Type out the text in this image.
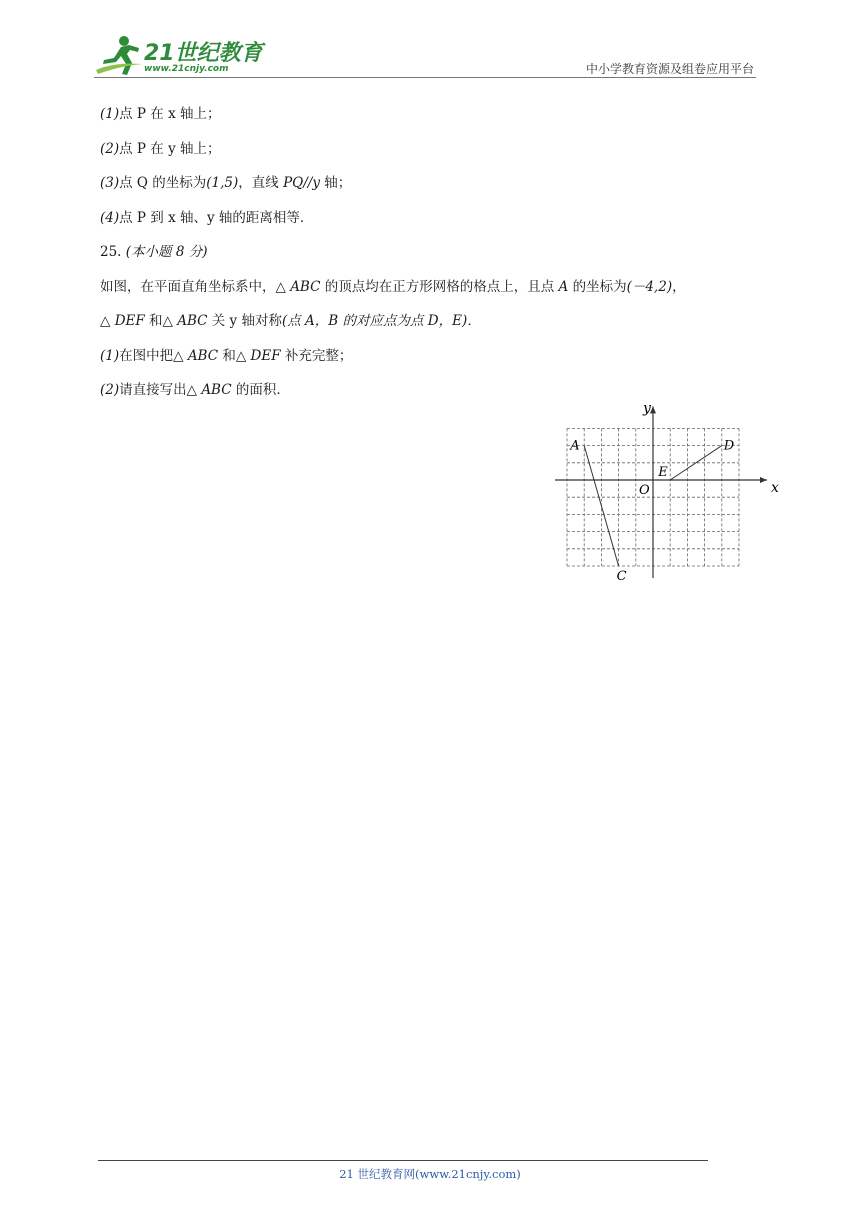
21世纪教育
www.21cnjy.com	中小学教育资源及组卷应用平台
(1)点 P 在 x 轴上；
(2)点 P 在 y 轴上；
(3)点 Q 的坐标为(1,5)，直线 PQ//y 轴；
(4)点 P 到 x 轴、y 轴的距离相等．
25. (本小题 8 分)
如图，在平面直角坐标系中，△ ABC 的顶点均在正方形网格的格点上，且点 A 的坐标为(－4,2)，
△ DEF 和△ ABC 关 y 轴对称(点 A，B 的对应点为点 D，E)．
(1)在图中把△ ABC 和△ DEF 补充完整；
(2)请直接写出△ ABC 的面积．
A
C
D
E
O	x
y
21 世纪教育网(www.21cnjy.com)
